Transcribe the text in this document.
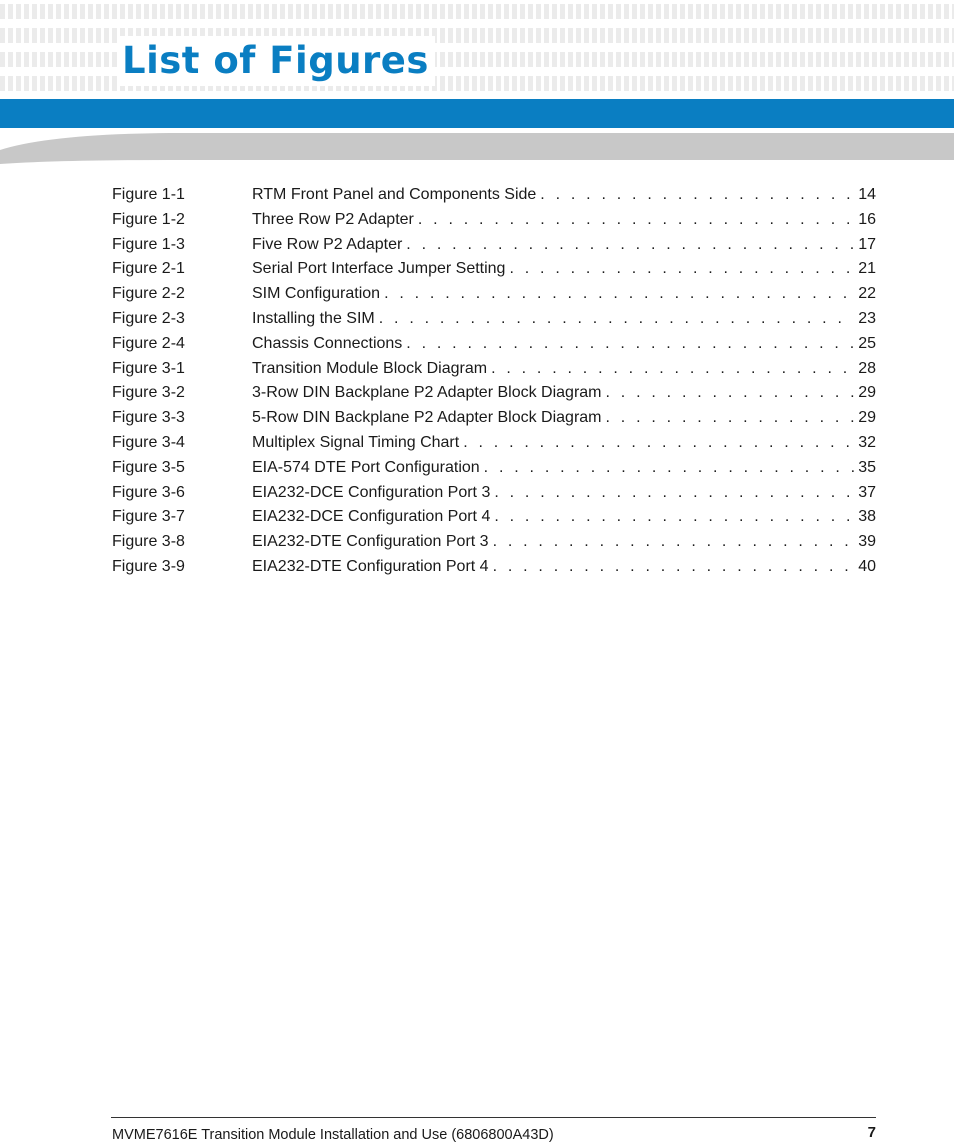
List of Figures
Figure 1-1	RTM Front Panel and Components Side . . .	14
Figure 1-2	Three Row P2 Adapter . . .	16
Figure 1-3	Five Row P2 Adapter . . .	17
Figure 2-1	Serial Port Interface Jumper Setting . . .	21
Figure 2-2	SIM Configuration . . .	22
Figure 2-3	Installing the SIM . . .	23
Figure 2-4	Chassis Connections . . .	25
Figure 3-1	Transition Module Block Diagram . . .	28
Figure 3-2	3-Row DIN Backplane P2 Adapter Block Diagram . . .	29
Figure 3-3	5-Row DIN Backplane P2 Adapter Block Diagram . . .	29
Figure 3-4	Multiplex Signal Timing Chart . . .	32
Figure 3-5	EIA-574 DTE Port Configuration . . .	35
Figure 3-6	EIA232-DCE Configuration Port 3 . . .	37
Figure 3-7	EIA232-DCE Configuration Port 4 . . .	38
Figure 3-8	EIA232-DTE Configuration Port 3 . . .	39
Figure 3-9	EIA232-DTE Configuration Port 4 . . .	40
MVME7616E Transition Module Installation and Use (6806800A43D)	7
